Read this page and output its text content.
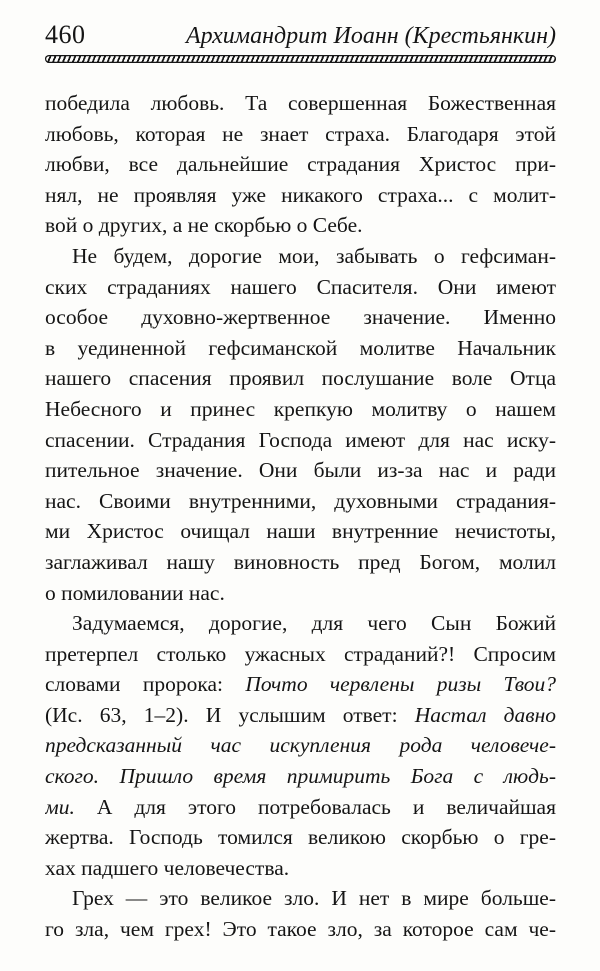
460	Архимандрит Иоанн (Крестьянкин)
победила любовь. Та совершенная Божественная
любовь, которая не знает страха. Благодаря этой
любви, все дальнейшие страдания Христос при-
нял, не проявляя уже никакого страха... с молит-
вой о других, а не скорбью о Себе.
Не будем, дорогие мои, забывать о гефсиман-
ских страданиях нашего Спасителя. Они имеют
особое духовно-жертвенное значение. Именно
в уединенной гефсиманской молитве Начальник
нашего спасения проявил послушание воле Отца
Небесного и принес крепкую молитву о нашем
спасении. Страдания Господа имеют для нас иску-
пительное значение. Они были из-за нас и ради
нас. Своими внутренними, духовными страдания-
ми Христос очищал наши внутренние нечистоты,
заглаживал нашу виновность пред Богом, молил
о помиловании нас.
Задумаемся, дорогие, для чего Сын Божий
претерпел столько ужасных страданий?! Спросим
словами пророка: Почто червлены ризы Твои?
(Ис. 63, 1–2). И услышим ответ: Настал давно
предсказанный час искупления рода человече-
ского. Пришло время примирить Бога с людь-
ми. А для этого потребовалась и величайшая
жертва. Господь томился великою скорбью о гре-
хах падшего человечества.
Грех — это великое зло. И нет в мире больше-
го зла, чем грех! Это такое зло, за которое сам че-
